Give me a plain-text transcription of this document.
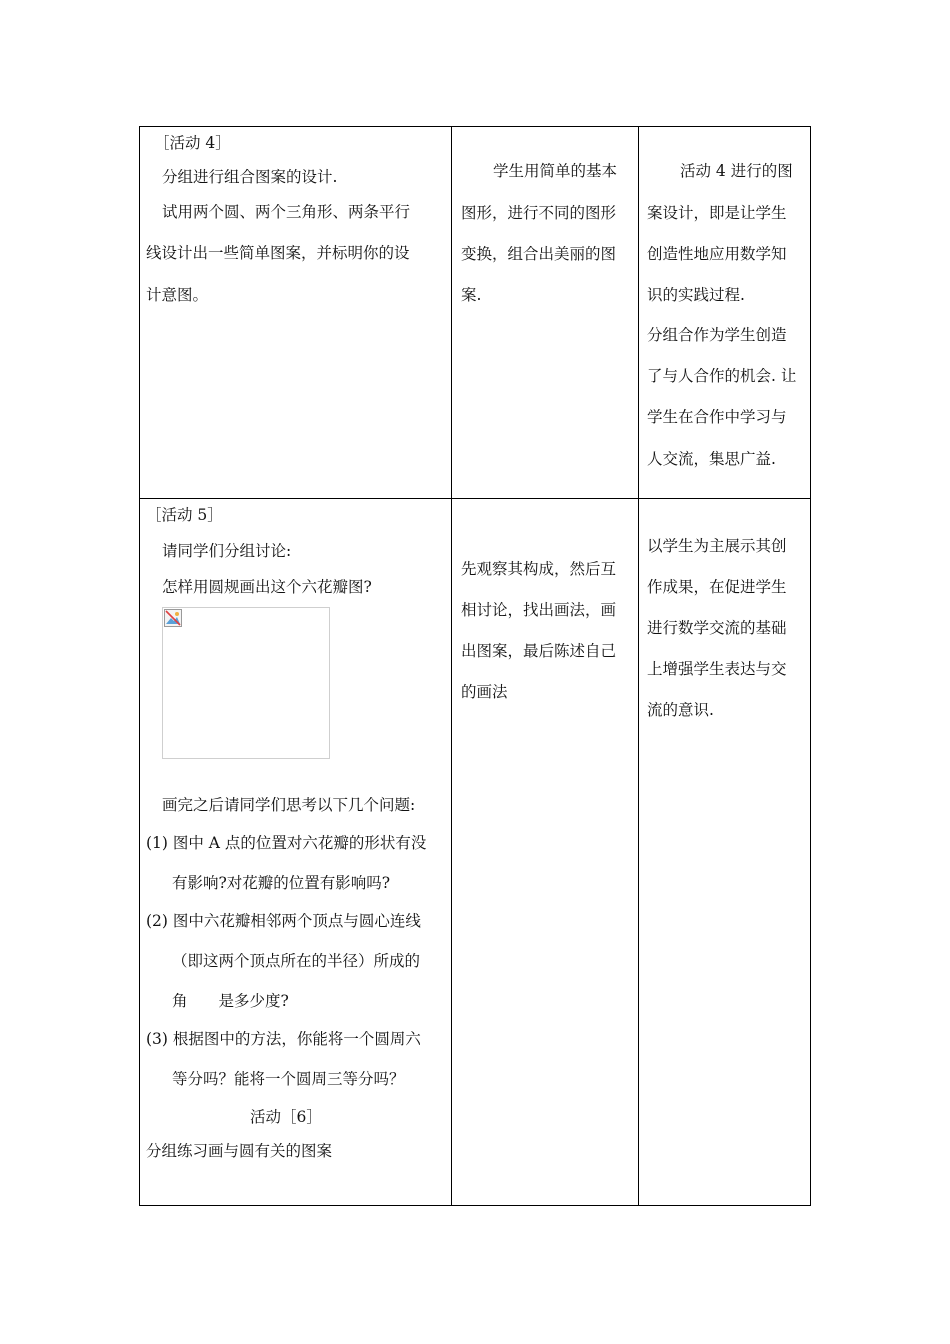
［活动 4］
分组进行组合图案的设计.
试用两个圆、两个三角形、两条平行
线设计出一些简单图案，并标明你的设
计意图。
学生用简单的基本
图形，进行不同的图形
变换，组合出美丽的图
案.
活动 4 进行的图
案设计，即是让学生
创造性地应用数学知
识的实践过程.
分组合作为学生创造
了与人合作的机会. 让
学生在合作中学习与
人交流，集思广益.
［活动 5］
请同学们分组讨论:
怎样用圆规画出这个六花瓣图?
画完之后请同学们思考以下几个问题:
(1) 图中 A 点的位置对六花瓣的形状有没
有影响?对花瓣的位置有影响吗?
(2) 图中六花瓣相邻两个顶点与圆心连线
（即这两个顶点所在的半径）所成的
角　　是多少度?
(3) 根据图中的方法，你能将一个圆周六
等分吗？能将一个圆周三等分吗？
活动［6］
分组练习画与圆有关的图案
先观察其构成，然后互
相讨论，找出画法，画
出图案，最后陈述自己
的画法
以学生为主展示其创
作成果，在促进学生
进行数学交流的基础
上增强学生表达与交
流的意识.
